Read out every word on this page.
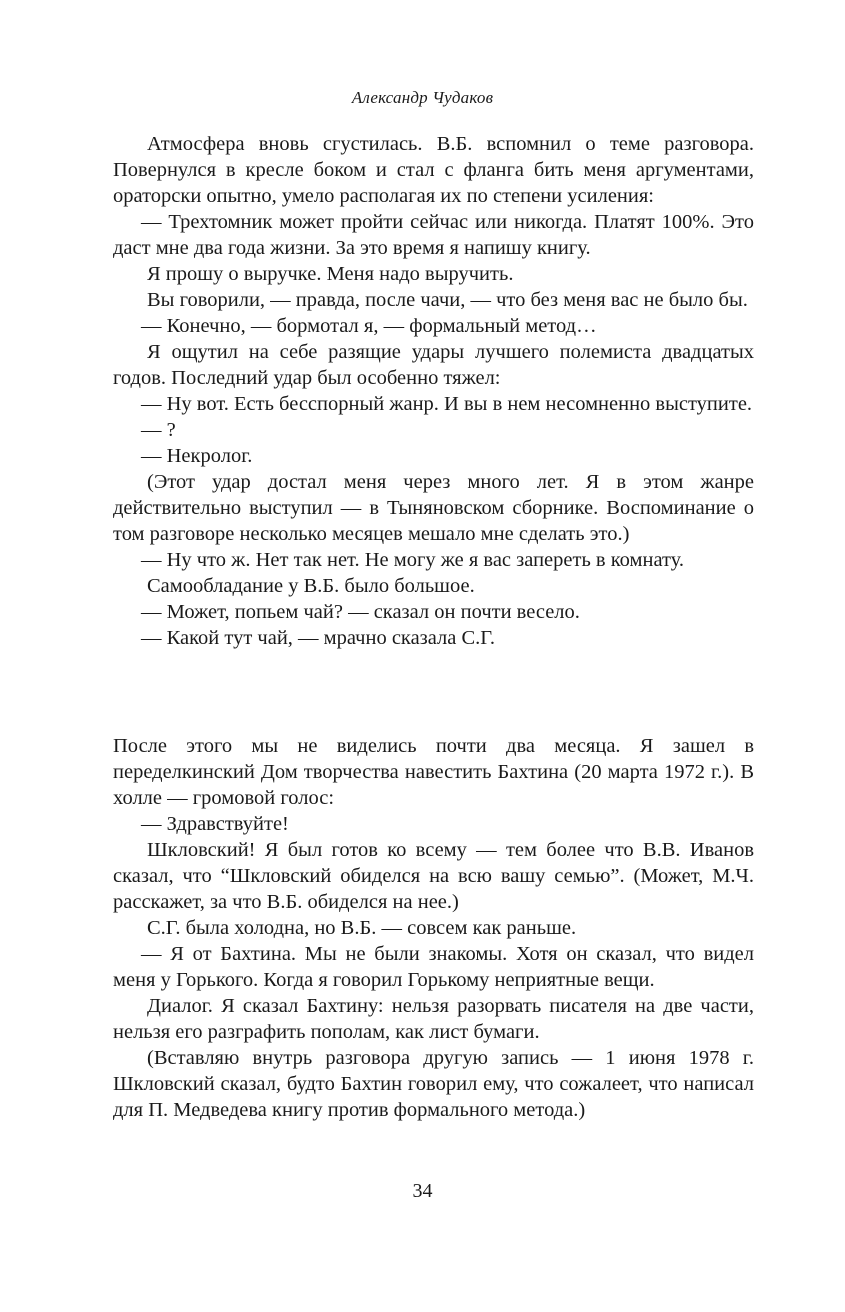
Александр Чудаков

Атмосфера вновь сгустилась. В.Б. вспомнил о теме разговора. Повернулся в кресле боком и стал с фланга бить меня аргументами, ораторски опытно, умело располагая их по степени усиления:

— Трехтомник может пройти сейчас или никогда. Платят 100%. Это даст мне два года жизни. За это время я напишу книгу.

Я прошу о выручке. Меня надо выручить.

Вы говорили, — правда, после чачи, — что без меня вас не было бы.

— Конечно, — бормотал я, — формальный метод…

Я ощутил на себе разящие удары лучшего полемиста двадцатых годов. Последний удар был особенно тяжел:

— Ну вот. Есть бесспорный жанр. И вы в нем несомненно выступите.

— ?

— Некролог.

(Этот удар достал меня через много лет. Я в этом жанре действительно выступил — в Тыняновском сборнике. Воспоминание о том разговоре несколько месяцев мешало мне сделать это.)

— Ну что ж. Нет так нет. Не могу же я вас запереть в комнату.

Самообладание у В.Б. было большое.

— Может, попьем чай? — сказал он почти весело.

— Какой тут чай, — мрачно сказала С.Г.

После этого мы не виделись почти два месяца. Я зашел в переделкинский Дом творчества навестить Бахтина (20 марта 1972 г.). В холле — громовой голос:

— Здравствуйте!

Шкловский! Я был готов ко всему — тем более что В.В. Иванов сказал, что “Шкловский обиделся на всю вашу семью”. (Может, М.Ч. расскажет, за что В.Б. обиделся на нее.)

С.Г. была холодна, но В.Б. — совсем как раньше.

— Я от Бахтина. Мы не были знакомы. Хотя он сказал, что видел меня у Горького. Когда я говорил Горькому неприятные вещи.

Диалог. Я сказал Бахтину: нельзя разорвать писателя на две части, нельзя его разграфить пополам, как лист бумаги.

(Вставляю внутрь разговора другую запись — 1 июня 1978 г. Шкловский сказал, будто Бахтин говорил ему, что сожалеет, что написал для П. Медведева книгу против формального метода.)

34
